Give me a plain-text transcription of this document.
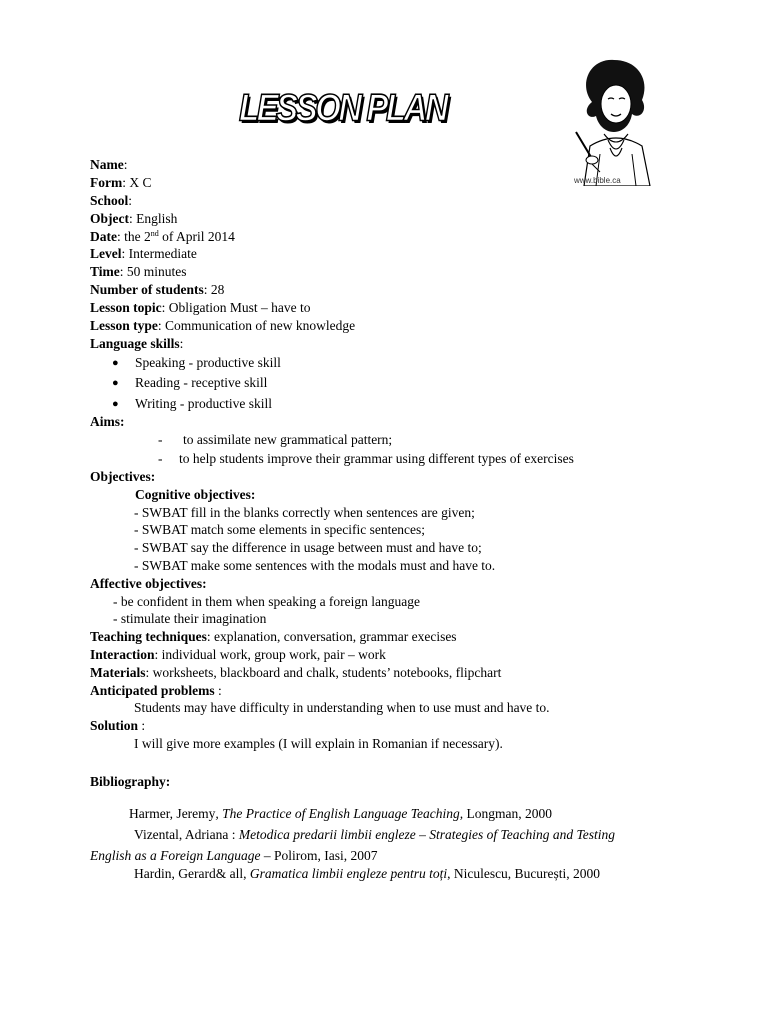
LESSON PLAN
www.bible.ca
Name:
Form: X C
School:
Object: English
Date: the 2nd of April 2014
Level: Intermediate
Time: 50 minutes
Number of students: 28
Lesson topic: Obligation Must – have to
Lesson type: Communication of new knowledge
Language skills:
● Speaking - productive skill
● Reading - receptive skill
● Writing - productive skill
Aims:
- to assimilate new grammatical pattern;
- to help students improve their grammar using different types of exercises
Objectives:
Cognitive objectives:
- SWBAT fill in the blanks correctly when sentences are given;
- SWBAT match some elements in specific sentences;
- SWBAT say the difference in usage between must and have to;
- SWBAT make some sentences with the modals must and have to.
Affective objectives:
- be confident in them when speaking a foreign language
- stimulate their imagination
Teaching techniques: explanation, conversation, grammar execises
Interaction: individual work, group work, pair – work
Materials: worksheets, blackboard and chalk, students’ notebooks, flipchart
Anticipated problems :
Students may have difficulty in understanding when to use must and have to.
Solution :
I will give more examples (I will explain in Romanian if necessary).
Bibliography:
Harmer, Jeremy, The Practice of English Language Teaching, Longman, 2000
Vizental, Adriana : Metodica predarii limbii engleze – Strategies of Teaching and Testing
English as a Foreign Language – Polirom, Iasi, 2007
Hardin, Gerard& all, Gramatica limbii engleze pentru toți, Niculescu, București, 2000
